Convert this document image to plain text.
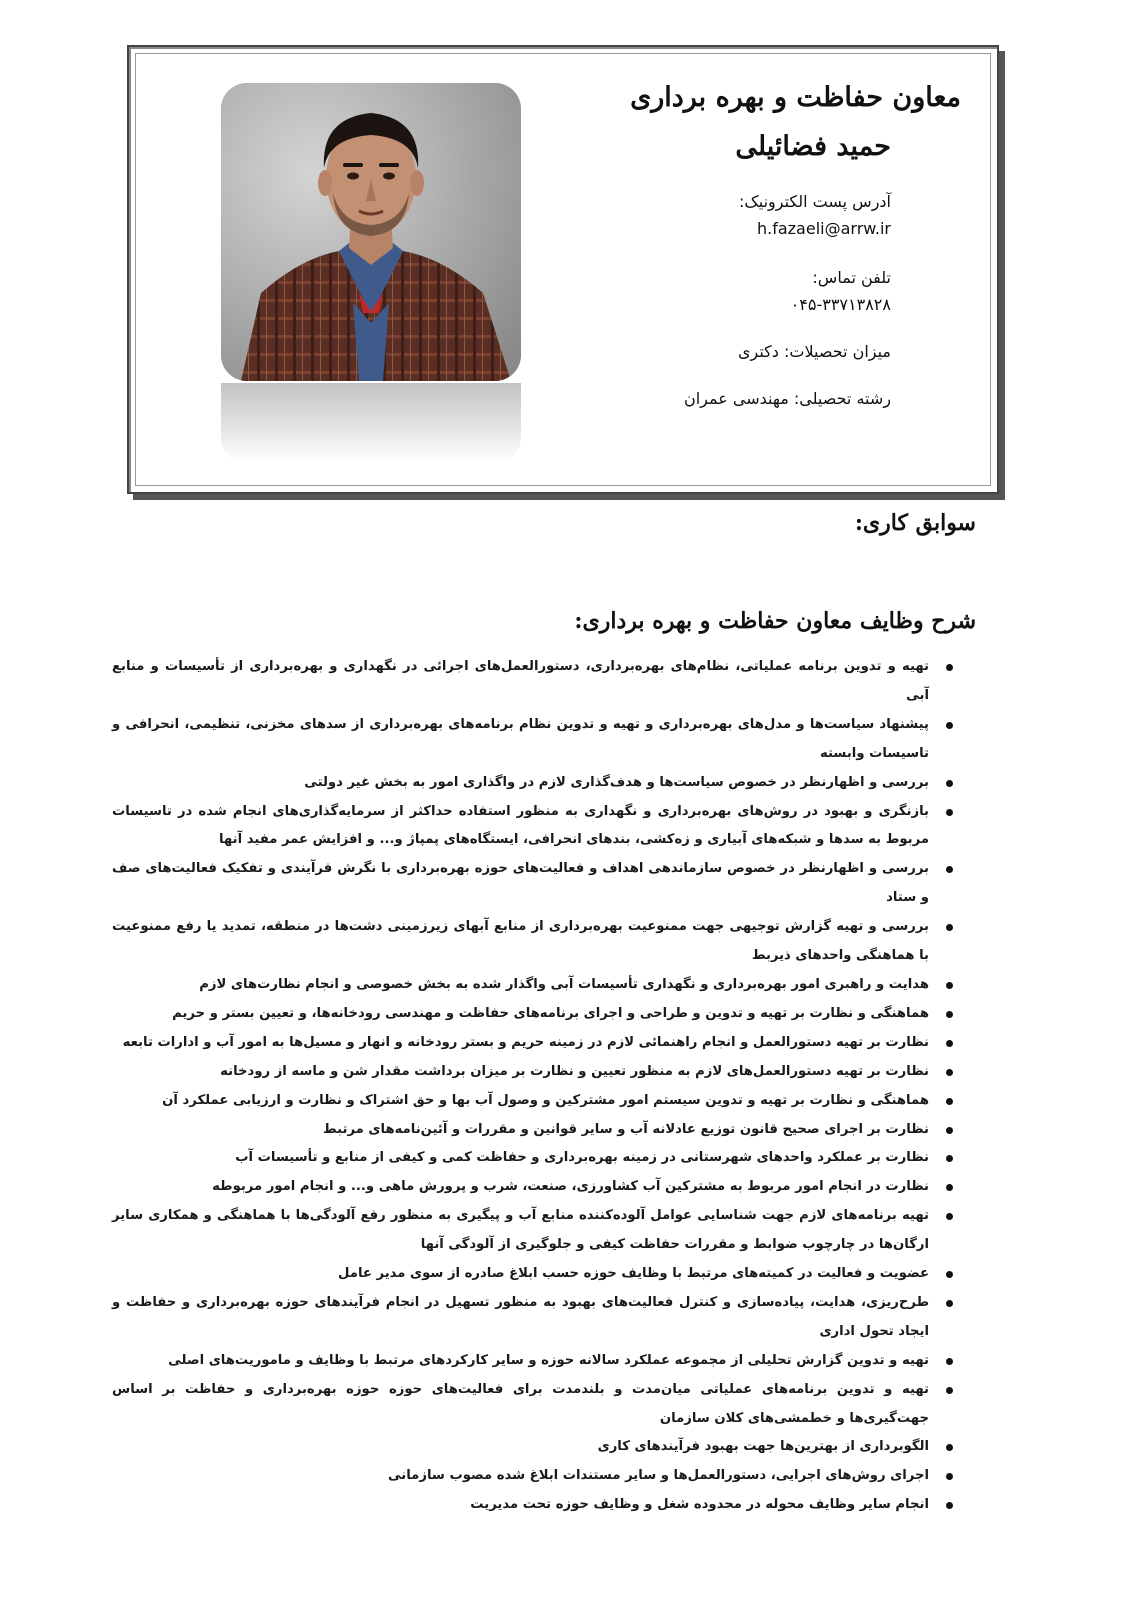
معاون حفاظت و بهره برداری
حمید فضائیلی
آدرس پست الکترونیک:
h.fazaeli@arrw.ir
تلفن تماس:
۰۴۵-۳۳۷۱۳۸۲۸
میزان تحصیلات: دکتری
رشته تحصیلی: مهندسی عمران
سوابق کاری:
شرح وظایف معاون حفاظت و بهره برداری:
تهیه و تدوین برنامه عملیاتی، نظام‌های بهره‌برداری، دستورالعمل‌های اجرائی در نگهداری و بهره‌برداری از تأسیسات و منابع آبی
پیشنهاد سیاست‌ها و مدل‌های بهره‌برداری و تهیه و تدوین نظام برنامه‌های بهره‌برداری از سدهای مخزنی، تنظیمی، انحرافی و تاسیسات وابسته
بررسی و اظهارنظر در خصوص سیاست‌ها و هدف‌گذاری لازم در واگذاری امور به بخش غیر دولتی
بازنگری و بهبود در روش‌های بهره‌برداری و نگهداری به منظور استفاده حداکثر از سرمایه‌گذاری‌های انجام شده در تاسیسات مربوط به سدها و شبکه‌های آبیاری و زه‌کشی، بندهای انحرافی، ایستگاه‌های پمپاژ و... و افزایش عمر مفید آنها
بررسی و اظهارنظر در خصوص سازماندهی اهداف و فعالیت‌های حوزه بهره‌برداری با نگرش فرآیندی و تفکیک فعالیت‌های صف و ستاد
بررسی و تهیه گزارش توجیهی جهت ممنوعیت بهره‌برداری از منابع آبهای زیرزمینی دشت‌ها در منطقه، تمدید یا رفع ممنوعیت با هماهنگی واحدهای ذیربط
هدایت و راهبری امور بهره‌برداری و نگهداری تأسیسات آبی واگذار شده به بخش خصوصی و انجام نظارت‌های لازم
هماهنگی و نظارت بر تهیه و تدوین و طراحی و اجرای برنامه‌های حفاظت و مهندسی رودخانه‌ها، و تعیین بستر و حریم
نظارت بر تهیه دستورالعمل و انجام راهنمائی لازم در زمینه حریم و بستر رودخانه و انهار و مسیل‌ها به امور آب و ادارات تابعه
نظارت بر تهیه دستورالعمل‌های لازم به منظور تعیین و نظارت بر میزان برداشت مقدار شن و ماسه از رودخانه
هماهنگی و نظارت بر تهیه و تدوین سیستم امور مشترکین و وصول آب بها و حق اشتراک و نظارت و ارزیابی عملکرد آن
نظارت بر اجرای صحیح قانون توزیع عادلانه آب و سایر قوانین و مقررات و آئین‌نامه‌های مرتبط
نظارت بر عملکرد واحدهای شهرستانی در زمینه بهره‌برداری و حفاظت کمی و کیفی از منابع و تأسیسات آب
نظارت در انجام امور مربوط به مشترکین آب کشاورزی، صنعت، شرب و پرورش ماهی و... و انجام امور مربوطه
تهیه برنامه‌های لازم جهت شناسایی عوامل آلوده‌کننده منابع آب و پیگیری به منظور رفع آلودگی‌ها با هماهنگی و همکاری سایر ارگان‌ها در چارچوب ضوابط و مقررات حفاظت کیفی و جلوگیری از آلودگی آنها
عضویت و فعالیت در کمیته‌های مرتبط با وظایف حوزه حسب ابلاغ صادره از سوی مدیر عامل
طرح‌ریزی، هدایت، پیاده‌سازی و کنترل فعالیت‌های بهبود به منظور تسهیل در انجام فرآیندهای حوزه بهره‌برداری و حفاظت و ایجاد تحول اداری
تهیه و تدوین گزارش تحلیلی از مجموعه عملکرد سالانه حوزه و سایر کارکردهای مرتبط با وظایف و ماموریت‌های اصلی
تهیه و تدوین برنامه‌های عملیاتی میان‌مدت و بلندمدت برای فعالیت‌های حوزه حوزه بهره‌برداری و حفاظت بر اساس جهت‌گیری‌ها و خطمشی‌های کلان سازمان
الگوبرداری از بهترین‌ها جهت بهبود فرآیندهای کاری
اجرای روش‌های اجرایی، دستورالعمل‌ها و سایر مستندات ابلاغ شده مصوب سازمانی
انجام سایر وظایف محوله در محدوده شغل و وظایف حوزه تحت مدیریت
